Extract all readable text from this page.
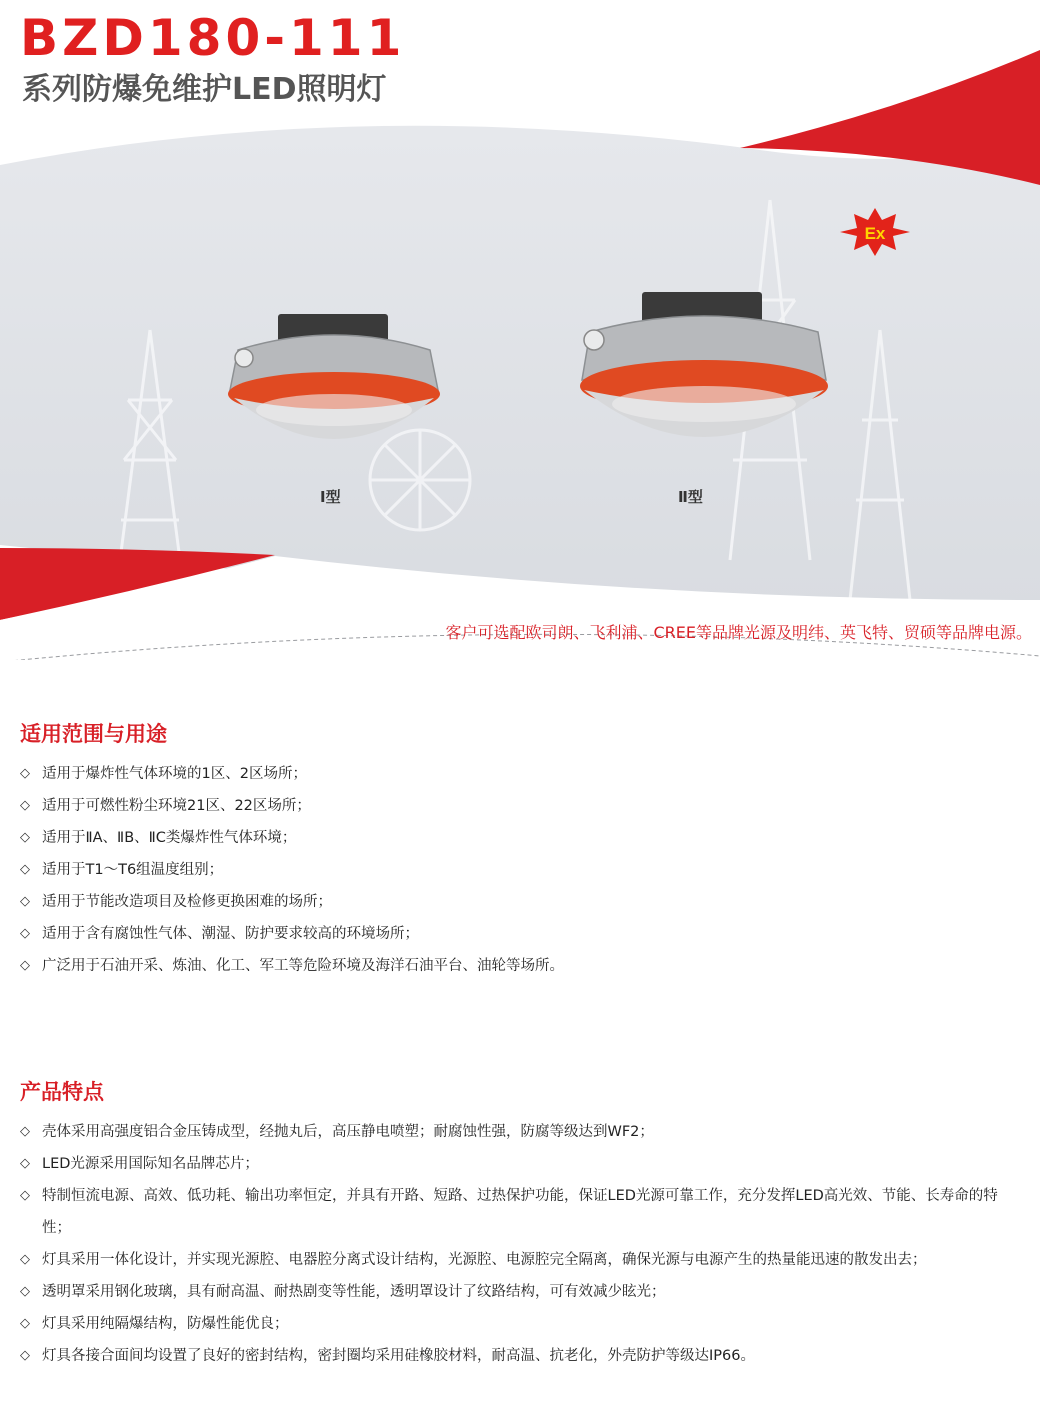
BZD180-111
系列防爆免维护LED照明灯
Ex
Ⅰ型	Ⅱ型

客户可选配欧司朗、飞利浦、CREE等品牌光源及明纬、英飞特、贸硕等品牌电源。

适用范围与用途
◇ 适用于爆炸性气体环境的1区、2区场所；
◇ 适用于可燃性粉尘环境21区、22区场所；
◇ 适用于ⅡA、ⅡB、ⅡC类爆炸性气体环境；
◇ 适用于T1～T6组温度组别；
◇ 适用于节能改造项目及检修更换困难的场所；
◇ 适用于含有腐蚀性气体、潮湿、防护要求较高的环境场所；
◇ 广泛用于石油开采、炼油、化工、军工等危险环境及海洋石油平台、油轮等场所。
产品特点
◇ 壳体采用高强度铝合金压铸成型，经抛丸后，高压静电喷塑；耐腐蚀性强，防腐等级达到WF2；
◇ LED光源采用国际知名品牌芯片；
◇ 特制恒流电源、高效、低功耗、输出功率恒定，并具有开路、短路、过热保护功能，保证LED光源可靠工作，充分发挥LED高光效、节能、长寿命的特性；
◇ 灯具采用一体化设计，并实现光源腔、电器腔分离式设计结构，光源腔、电源腔完全隔离，确保光源与电源产生的热量能迅速的散发出去；
◇ 透明罩采用钢化玻璃，具有耐高温、耐热剧变等性能，透明罩设计了纹路结构，可有效减少眩光；
◇ 灯具采用纯隔爆结构，防爆性能优良；
◇ 灯具各接合面间均设置了良好的密封结构，密封圈均采用硅橡胶材料，耐高温、抗老化，外壳防护等级达IP66。
